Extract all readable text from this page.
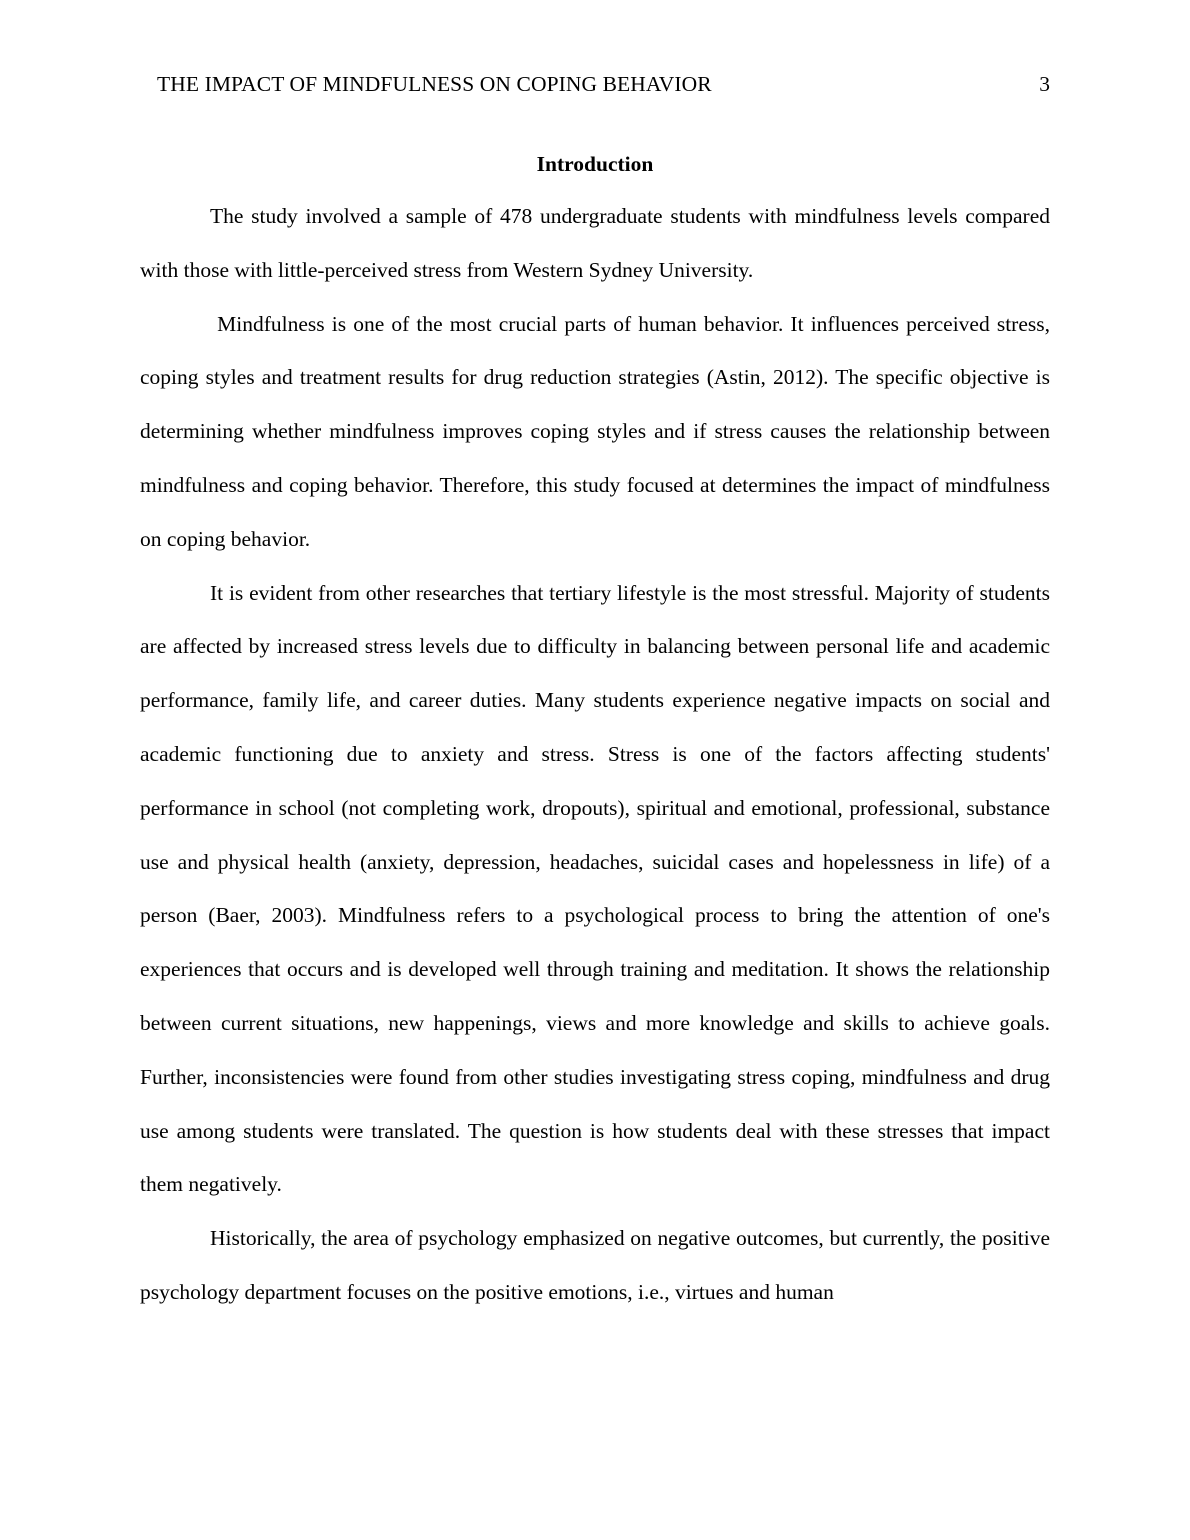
THE IMPACT OF MINDFULNESS ON COPING BEHAVIOR	3
Introduction

The study involved a sample of 478 undergraduate students with mindfulness levels compared with those with little-perceived stress from Western Sydney University.

Mindfulness is one of the most crucial parts of human behavior. It influences perceived stress, coping styles and treatment results for drug reduction strategies (Astin, 2012). The specific objective is determining whether mindfulness improves coping styles and if stress causes the relationship between mindfulness and coping behavior. Therefore, this study focused at determines the impact of mindfulness on coping behavior.

It is evident from other researches that tertiary lifestyle is the most stressful. Majority of students are affected by increased stress levels due to difficulty in balancing between personal life and academic performance, family life, and career duties. Many students experience negative impacts on social and academic functioning due to anxiety and stress. Stress is one of the factors affecting students' performance in school (not completing work, dropouts), spiritual and emotional, professional, substance use and physical health (anxiety, depression, headaches, suicidal cases and hopelessness in life) of a person (Baer, 2003). Mindfulness refers to a psychological process to bring the attention of one's experiences that occurs and is developed well through training and meditation. It shows the relationship between current situations, new happenings, views and more knowledge and skills to achieve goals. Further, inconsistencies were found from other studies investigating stress coping, mindfulness and drug use among students were translated. The question is how students deal with these stresses that impact them negatively.

Historically, the area of psychology emphasized on negative outcomes, but currently, the positive psychology department focuses on the positive emotions, i.e., virtues and human
